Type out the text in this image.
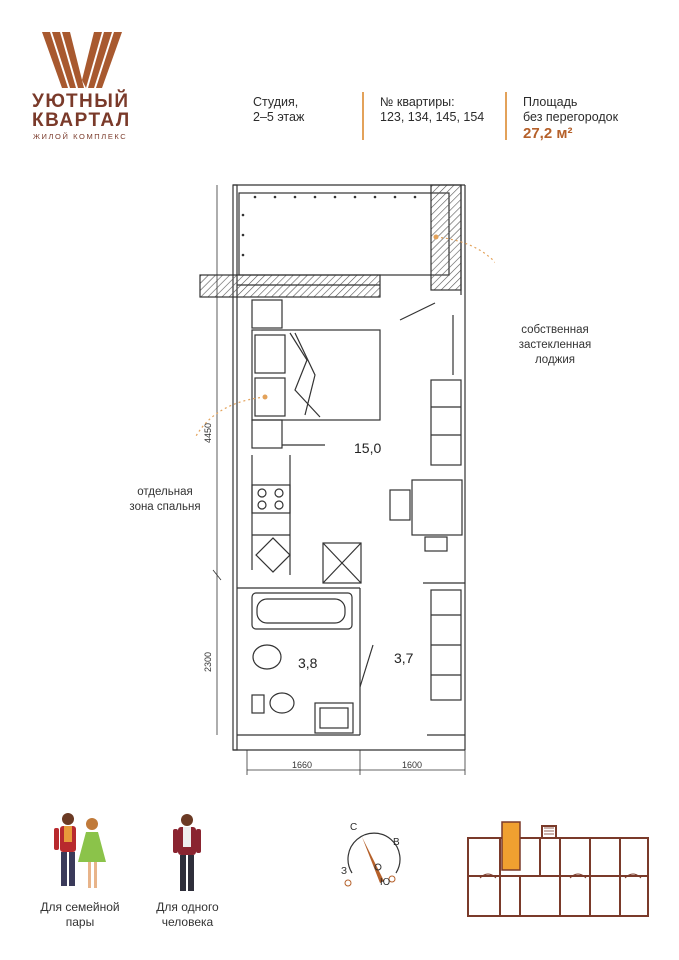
УЮТНЫЙ
КВАРТАЛ
ЖИЛОЙ КОМПЛЕКС
Студия,
2–5 этаж
№ квартиры:
123, 134, 145, 154
Площадь
без перегородок
27,2 м²
15,0
3,8	3,7
4450
2300
1660	1600
собственная
застекленная
лоджия
отдельная
зона спальня
Для семейной
пары
Для одного
человека
С
В
Ю
З
